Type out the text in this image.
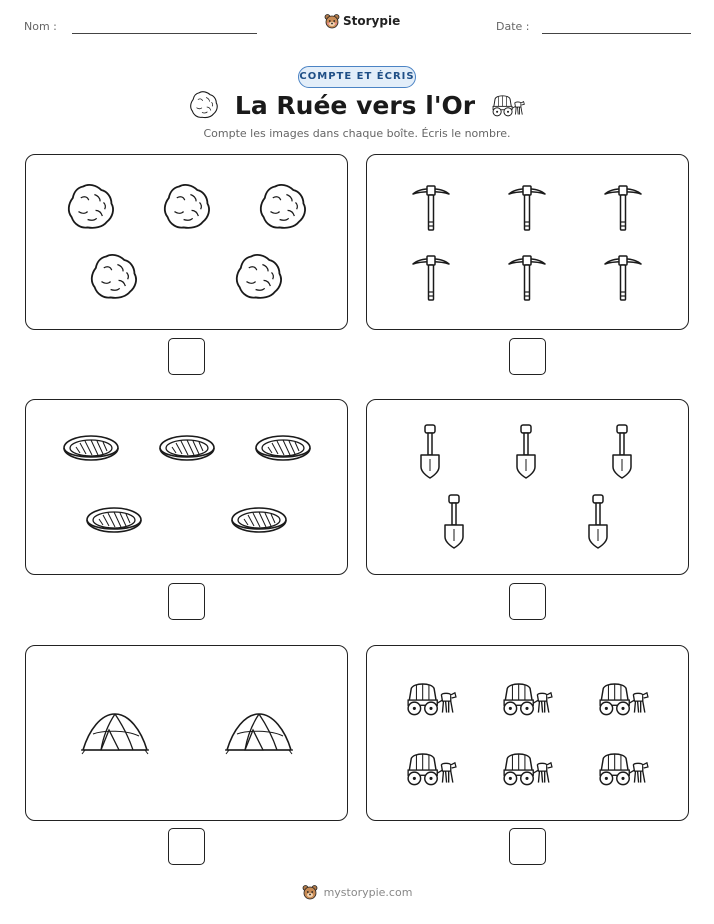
Nom :	Storypie	Date :
COMPTE ET ÉCRIS
La Ruée vers l'Or
Compte les images dans chaque boîte. Écris le nombre.
mystorypie.com
